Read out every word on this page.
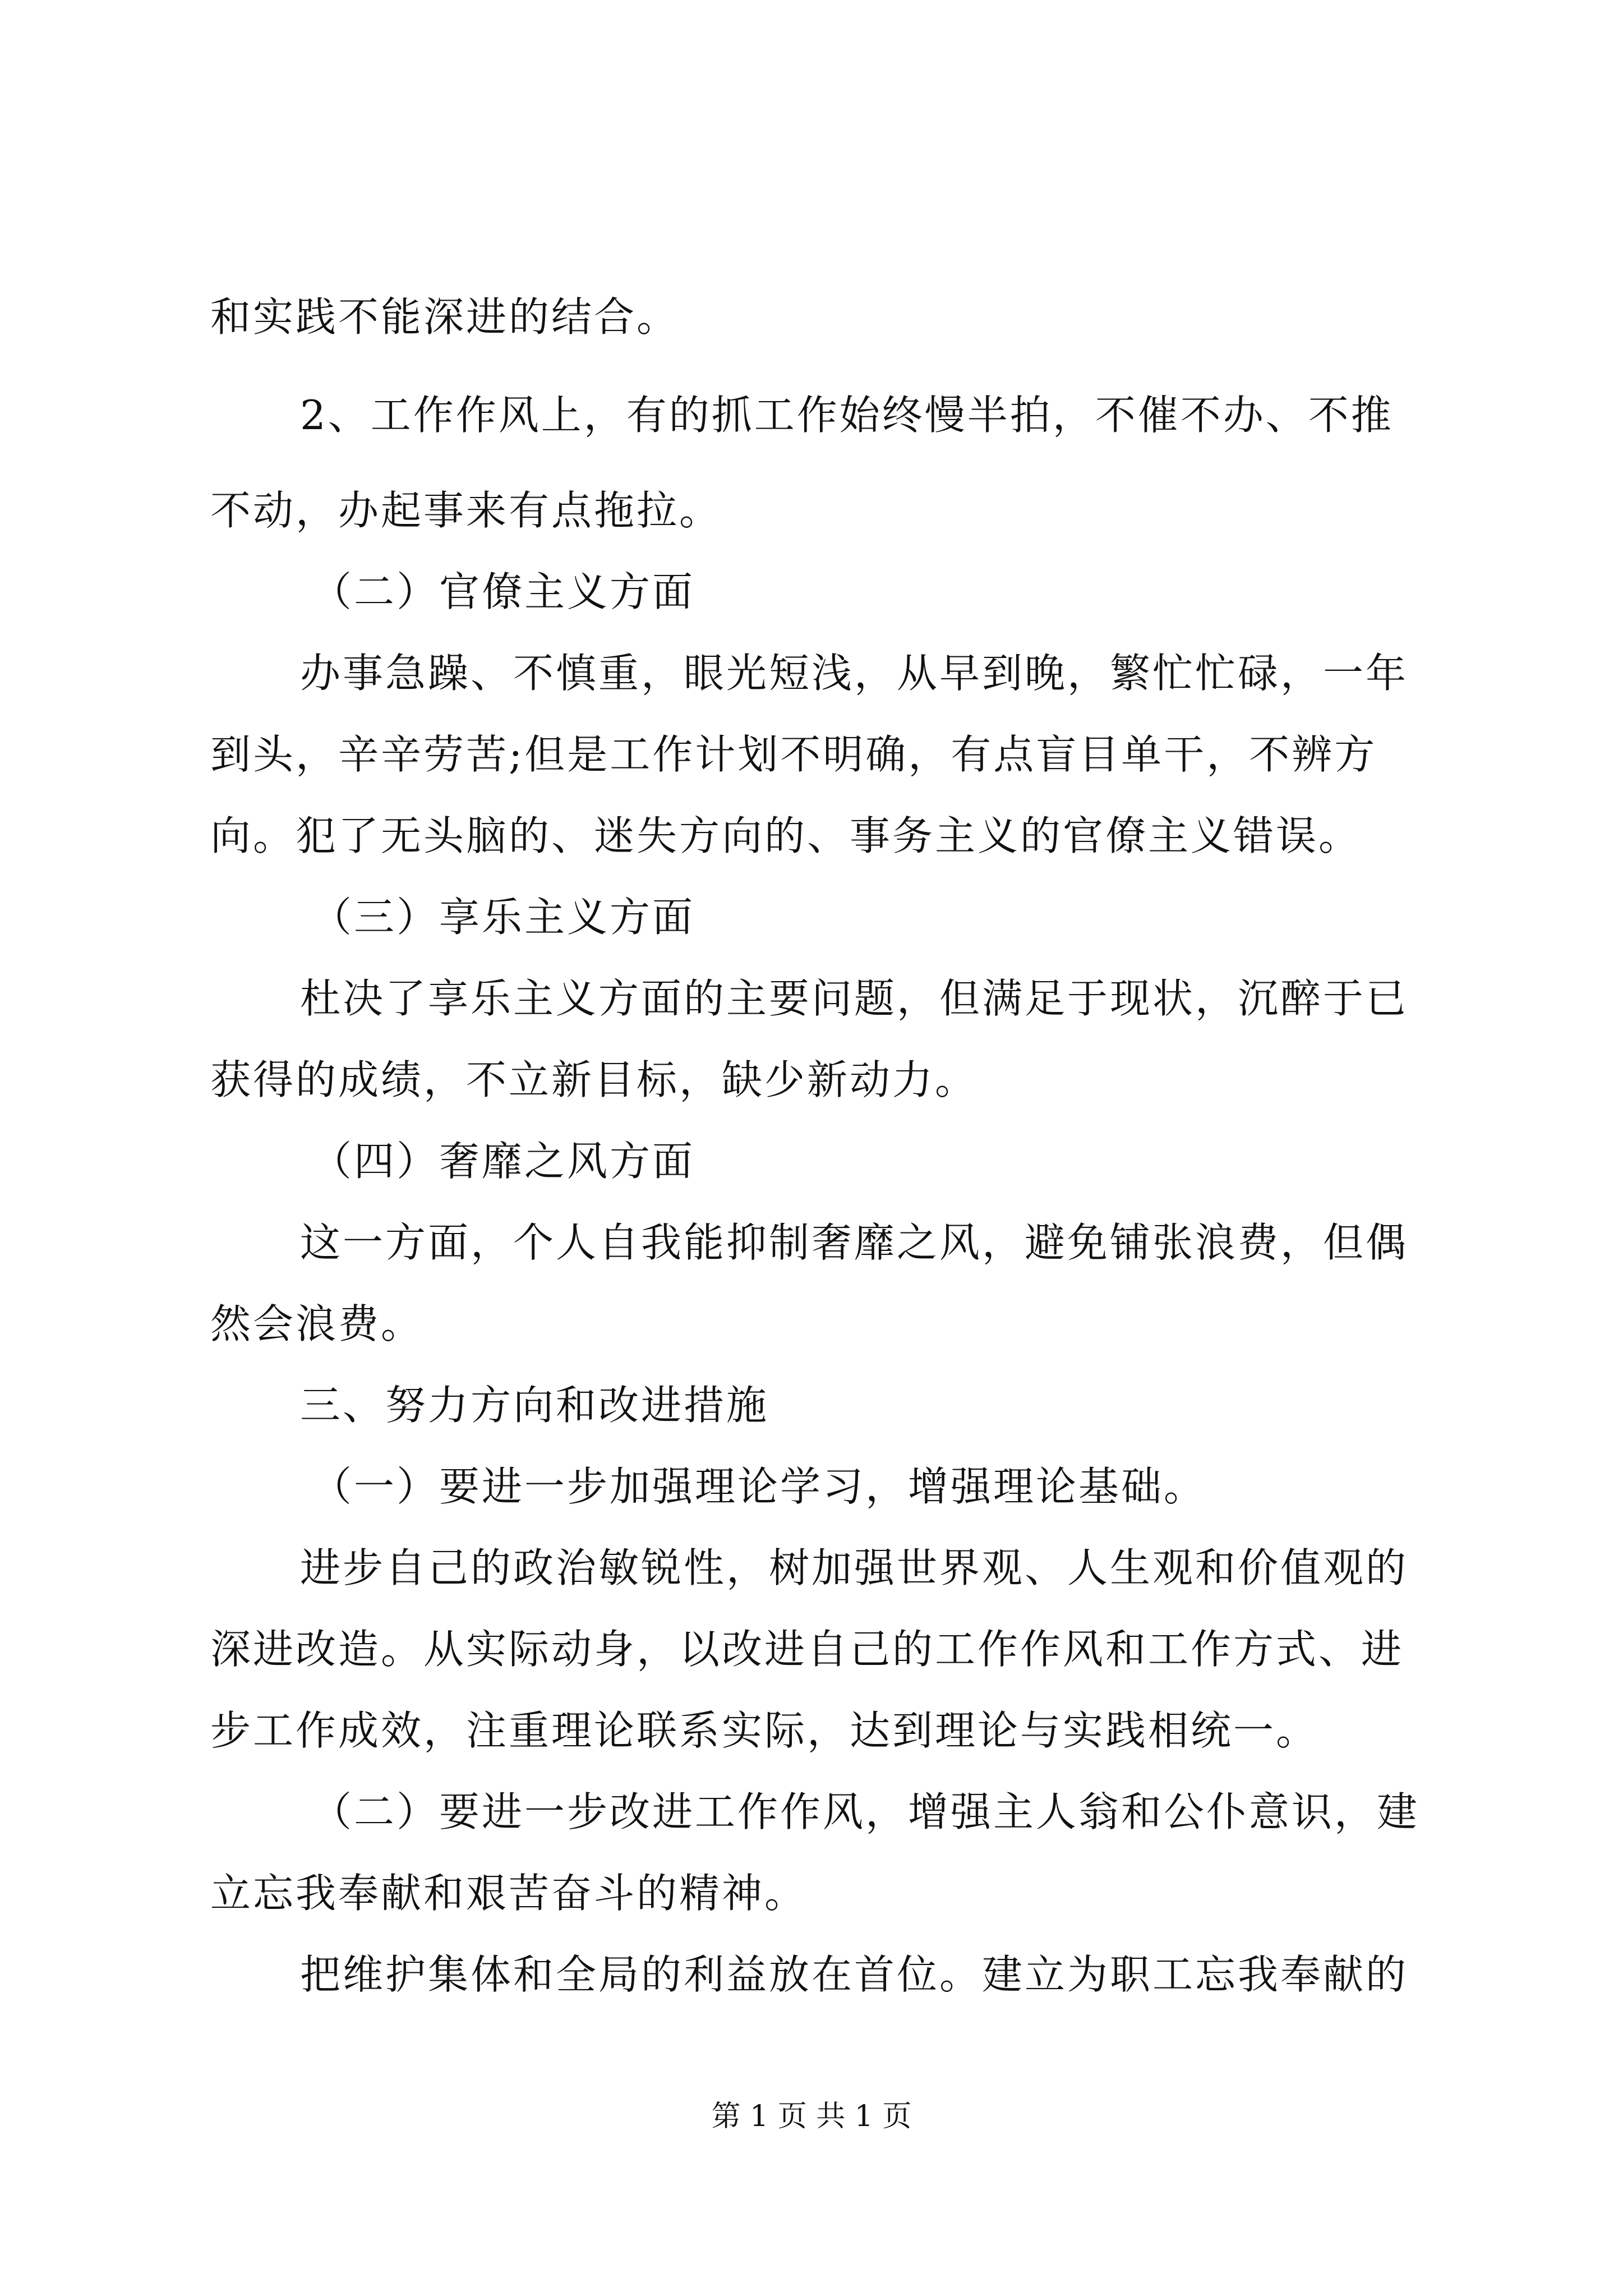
和实践不能深进的结合。
2、工作作风上，有的抓工作始终慢半拍，不催不办、不推
不动，办起事来有点拖拉。
（二）官僚主义方面
办事急躁、不慎重，眼光短浅，从早到晚，繁忙忙碌，一年
到头，辛辛劳苦;但是工作计划不明确，有点盲目单干，不辨方
向。犯了无头脑的、迷失方向的、事务主义的官僚主义错误。
（三）享乐主义方面
杜决了享乐主义方面的主要问题，但满足于现状，沉醉于已
获得的成绩，不立新目标，缺少新动力。
（四）奢靡之风方面
这一方面，个人自我能抑制奢靡之风，避免铺张浪费，但偶
然会浪费。
三、努力方向和改进措施
（一）要进一步加强理论学习，增强理论基础。
进步自己的政治敏锐性，树加强世界观、人生观和价值观的
深进改造。从实际动身，以改进自己的工作作风和工作方式、进
步工作成效，注重理论联系实际，达到理论与实践相统一。
（二）要进一步改进工作作风，增强主人翁和公仆意识，建
立忘我奉献和艰苦奋斗的精神。
把维护集体和全局的利益放在首位。建立为职工忘我奉献的
第 1 页 共 1 页
